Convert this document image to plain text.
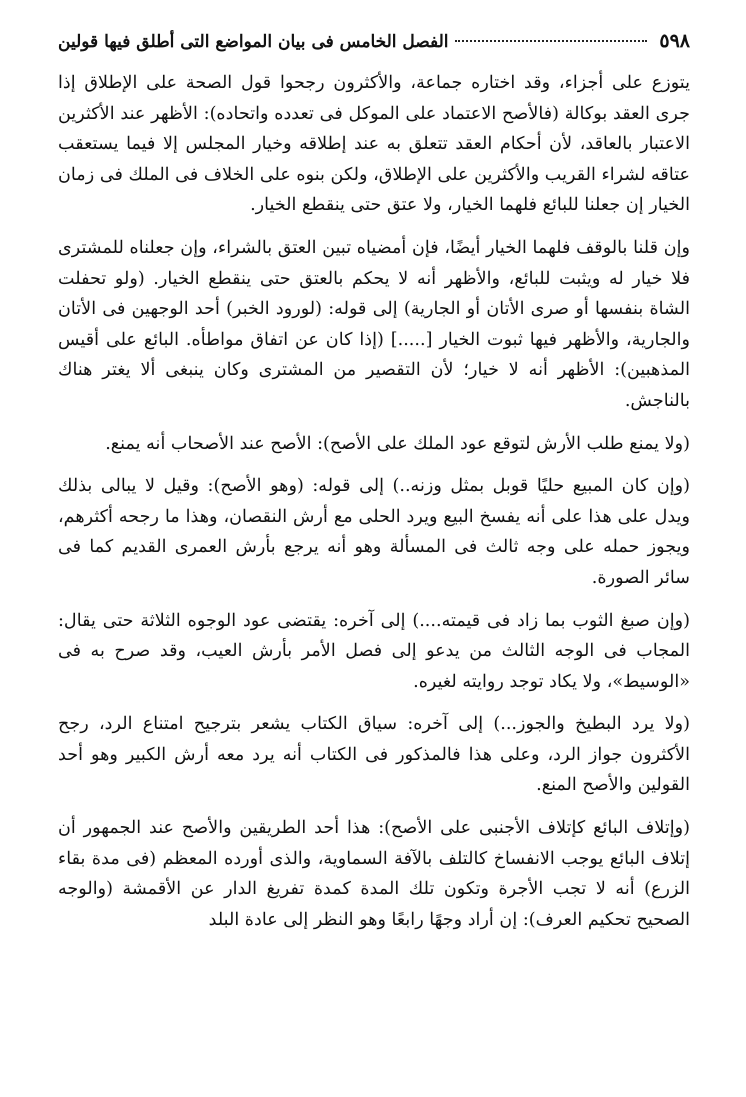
٥٩٨
الفصل الخامس فى بيان المواضع التى أطلق فيها قولين

يتوزع على أجزاء، وقد اختاره جماعة، والأكثرون رجحوا قول الصحة على الإطلاق إذا جرى العقد بوكالة (فالأصح الاعتماد على الموكل فى تعدده واتحاده): الأظهر عند الأكثرين الاعتبار بالعاقد، لأن أحكام العقد تتعلق به عند إطلاقه وخيار المجلس إلا فيما يستعقب عتاقه لشراء القريب والأكثرين على الإطلاق، ولكن بنوه على الخلاف فى الملك فى زمان الخيار إن جعلنا للبائع فلهما الخيار، ولا عتق حتى ينقطع الخيار.

وإن قلنا بالوقف فلهما الخيار أيضًا، فإن أمضياه تبين العتق بالشراء، وإن جعلناه للمشترى فلا خيار له ويثبت للبائع، والأظهر أنه لا يحكم بالعتق حتى ينقطع الخيار. (ولو تحفلت الشاة بنفسها أو صرى الأتان أو الجارية) إلى قوله: (لورود الخبر) أحد الوجهين فى الأتان والجارية، والأظهر فيها ثبوت الخيار [.....] (إذا كان عن اتفاق مواطأه. البائع على أقيس المذهبين): الأظهر أنه لا خيار؛ لأن التقصير من المشترى وكان ينبغى ألا يغتر هناك بالناجش.

(ولا يمنع طلب الأرش لتوقع عود الملك على الأصح): الأصح عند الأصحاب أنه يمنع.

(وإن كان المبيع حليًا قوبل بمثل وزنه..) إلى قوله: (وهو الأصح): وقيل لا يبالى بذلك ويدل على هذا على أنه يفسخ البيع ويرد الحلى مع أرش النقصان، وهذا ما رجحه أكثرهم، ويجوز حمله على وجه ثالث فى المسألة وهو أنه يرجع بأرش العمرى القديم كما فى سائر الصورة.

(وإن صبغ الثوب بما زاد فى قيمته....) إلى آخره: يقتضى عود الوجوه الثلاثة حتى يقال: المجاب فى الوجه الثالث من يدعو إلى فصل الأمر بأرش العيب، وقد صرح به فى «الوسيط»، ولا يكاد توجد روايته لغيره.

(ولا يرد البطيخ والجوز...) إلى آخره: سياق الكتاب يشعر بترجيح امتناع الرد، رجح الأكثرون جواز الرد، وعلى هذا فالمذكور فى الكتاب أنه يرد معه أرش الكبير وهو أحد القولين والأصح المنع.

(وإتلاف البائع كإتلاف الأجنبى على الأصح): هذا أحد الطريقين والأصح عند الجمهور أن إتلاف البائع يوجب الانفساخ كالتلف بالآفة السماوية، والذى أورده المعظم (فى مدة بقاء الزرع) أنه لا تجب الأجرة وتكون تلك المدة كمدة تفريغ الدار عن الأقمشة (والوجه الصحيح تحكيم العرف): إن أراد وجهًا رابعًا وهو النظر إلى عادة البلد
